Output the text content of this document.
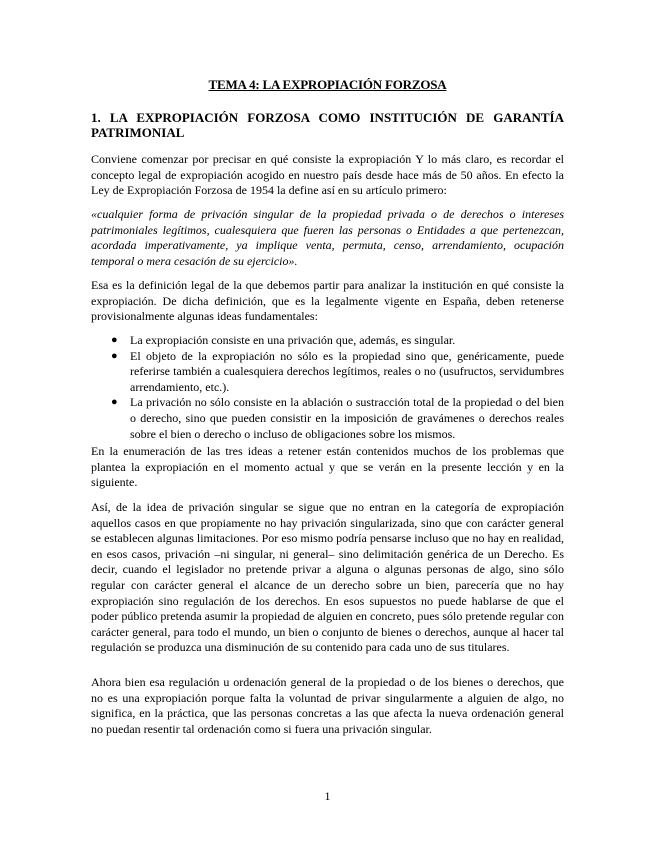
TEMA 4: LA EXPROPIACIÓN FORZOSA
1. LA EXPROPIACIÓN FORZOSA COMO INSTITUCIÓN DE GARANTÍA PATRIMONIAL

Conviene comenzar por precisar en qué consiste la expropiación Y lo más claro, es recordar el concepto legal de expropiación acogido en nuestro país desde hace más de 50 años. En efecto la Ley de Expropiación Forzosa de 1954 la define así en su artículo primero:

«cualquier forma de privación singular de la propiedad privada o de derechos o intereses patrimoniales legítimos, cualesquiera que fueren las personas o Entidades a que pertenezcan, acordada imperativamente, ya implique venta, permuta, censo, arrendamiento, ocupación temporal o mera cesación de su ejercicio».

Esa es la definición legal de la que debemos partir para analizar la institución en qué consiste la expropiación. De dicha definición, que es la legalmente vigente en España, deben retenerse provisionalmente algunas ideas fundamentales:

● La expropiación consiste en una privación que, además, es singular.
● El objeto de la expropiación no sólo es la propiedad sino que, genéricamente, puede referirse también a cualesquiera derechos legítimos, reales o no (usufructos, servidumbres arrendamiento, etc.).
● La privación no sólo consiste en la ablación o sustracción total de la propiedad o del bien o derecho, sino que pueden consistir en la imposición de gravámenes o derechos reales sobre el bien o derecho o incluso de obligaciones sobre los mismos.

En la enumeración de las tres ideas a retener están contenidos muchos de los problemas que plantea la expropiación en el momento actual y que se verán en la presente lección y en la siguiente.

Así, de la idea de privación singular se sigue que no entran en la categoría de expropiación aquellos casos en que propiamente no hay privación singularizada, sino que con carácter general se establecen algunas limitaciones. Por eso mismo podría pensarse incluso que no hay en realidad, en esos casos, privación –ni singular, ni general– sino delimitación genérica de un Derecho. Es decir, cuando el legislador no pretende privar a alguna o algunas personas de algo, sino sólo regular con carácter general el alcance de un derecho sobre un bien, parecería que no hay expropiación sino regulación de los derechos. En esos supuestos no puede hablarse de que el poder público pretenda asumir la propiedad de alguien en concreto, pues sólo pretende regular con carácter general, para todo el mundo, un bien o conjunto de bienes o derechos, aunque al hacer tal regulación se produzca una disminución de su contenido para cada uno de sus titulares.

Ahora bien esa regulación u ordenación general de la propiedad o de los bienes o derechos, que no es una expropiación porque falta la voluntad de privar singularmente a alguien de algo, no significa, en la práctica, que las personas concretas a las que afecta la nueva ordenación general no puedan resentir tal ordenación como si fuera una privación singular.

1
